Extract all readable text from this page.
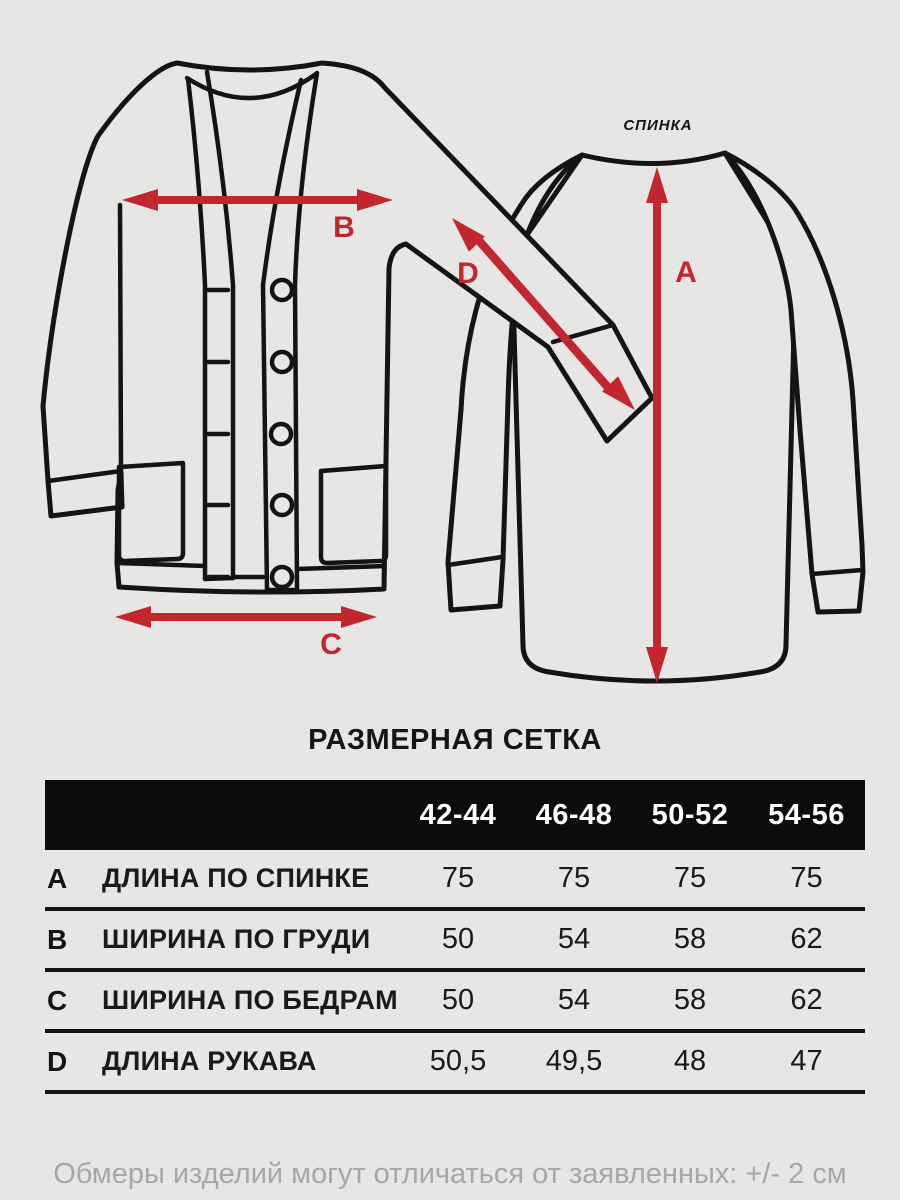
B
C
A
D
СПИНКА
РАЗМЕРНАЯ СЕТКА
42-44	46-48	50-52	54-56
A	ДЛИНА ПО СПИНКЕ	75	75	75	75
B	ШИРИНА ПО ГРУДИ	50	54	58	62
C	ШИРИНА ПО БЕДРАМ	50	54	58	62
D	ДЛИНА РУКАВА	50,5	49,5	48	47
Обмеры изделий могут отличаться от заявленных: +/- 2 см
